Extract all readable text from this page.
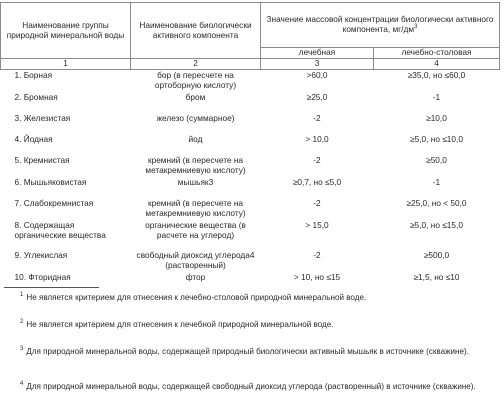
Наименование группы природной минеральной воды	Наименование биологически активного компонента	Значение массовой концентрации биологически активного компонента, $мг/дм^3$
		лечебная	лечебно-столовая
1	2	3	4
1. Борная	бор (в пересчете на ортоборную кислоту)	>60,0	≥35,0, но ≤60,0
2. Бромная	бром	≥25,0	-1
3. Железистая	железо (суммарное)	-2	≥10,0
4. Йодная	йод	> 10,0	≥5,0, но ≤10,0
5. Кремнистая	кремний (в пересчете на метакремниевую кислоту)	-2	≥50,0
6. Мышьяковистая	мышьяк3	≥0,7, но ≤5,0	-1
7. Слабокремнистая	кремний (в пересчете на метакремниевую кислоту)	-2	≥25,0, но < 50,0
8. Содержащая органические вещества	органические вещества (в расчете на углерод)	> 15,0	≥5,0, но ≤15,0
9. Углекислая	свободный диоксид углерода4 (растворенный)	-2	≥500,0
10. Фторидная	фтор	> 10, но ≤15	≥1,5, но ≤10
$^1$ Не является критерием для отнесения к лечебно-столовой природной минеральной воде.
$^2$ Не является критерием для отнесения к лечебной природной минеральной воде.
$^3$ Для природной минеральной воды, содержащей природный биологически активный мышьяк в источнике (скважине).
$^4$ Для природной минеральной воды, содержащей свободный диоксид углерода (растворенный) в источнике (скважине).
